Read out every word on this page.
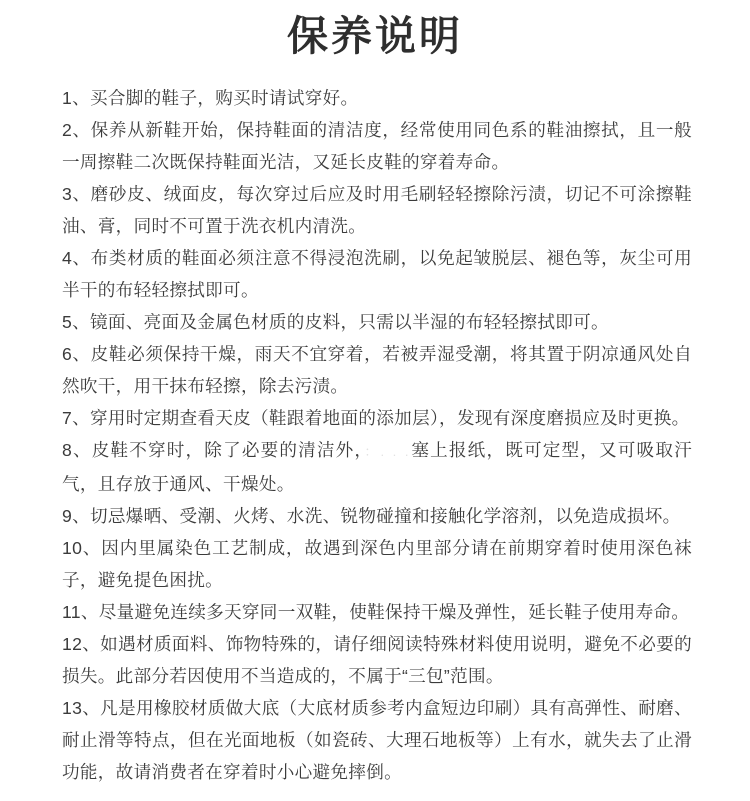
保养说明

1、买合脚的鞋子，购买时请试穿好。

2、保养从新鞋开始，保持鞋面的清洁度，经常使用同色系的鞋油擦拭，且一般一周擦鞋二次既保持鞋面光洁，又延长皮鞋的穿着寿命。

3、磨砂皮、绒面皮，每次穿过后应及时用毛刷轻轻擦除污渍，切记不可涂擦鞋油、膏，同时不可置于洗衣机内清洗。

4、布类材质的鞋面必须注意不得浸泡洗刷，以免起皱脱层、褪色等，灰尘可用半干的布轻轻擦拭即可。

5、镜面、亮面及金属色材质的皮料，只需以半湿的布轻轻擦拭即可。

6、皮鞋必须保持干燥，雨天不宜穿着，若被弄湿受潮，将其置于阴凉通风处自然吹干，用干抹布轻擦，除去污渍。

7、穿用时定期查看天皮（鞋跟着地面的添加层），发现有深度磨损应及时更换。

8、皮鞋不穿时，除了必要的清洁外，：. . .塞上报纸，既可定型，又可吸取汗气，且存放于通风、干燥处。

9、切忌爆晒、受潮、火烤、水洗、锐物碰撞和接触化学溶剂，以免造成损坏。

10、因内里属染色工艺制成，故遇到深色内里部分请在前期穿着时使用深色袜子，避免提色困扰。

11、尽量避免连续多天穿同一双鞋，使鞋保持干燥及弹性，延长鞋子使用寿命。

12、如遇材质面料、饰物特殊的，请仔细阅读特殊材料使用说明，避免不必要的损失。此部分若因使用不当造成的，不属于“三包”范围。

13、凡是用橡胶材质做大底（大底材质参考内盒短边印刷）具有高弹性、耐磨、耐止滑等特点，但在光面地板（如瓷砖、大理石地板等）上有水，就失去了止滑功能，故请消费者在穿着时小心避免摔倒。
